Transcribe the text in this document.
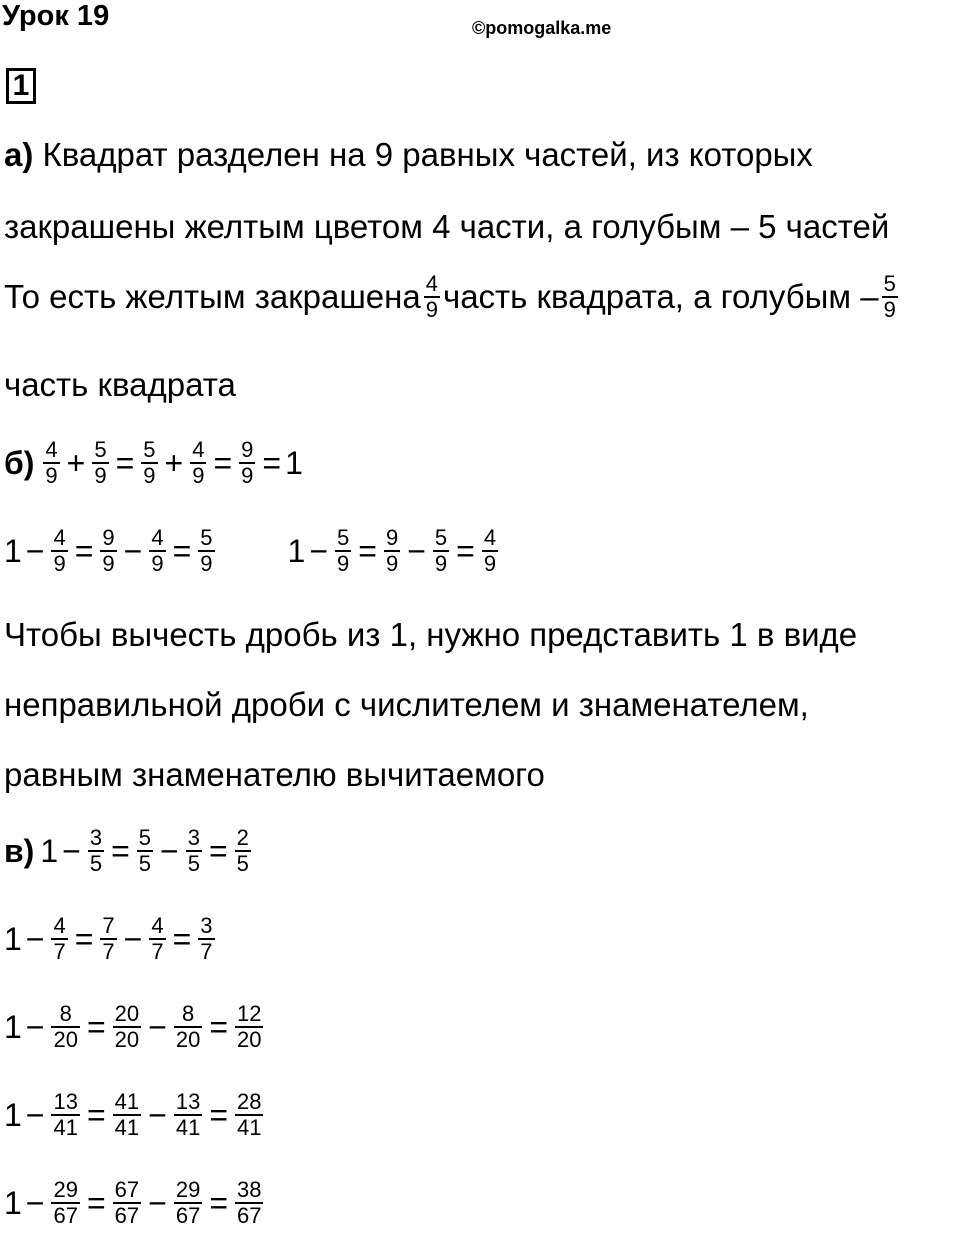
Урок 19	©pomogalka.me
1
а) Квадрат разделен на 9 равных частей, из которых
закрашены желтым цветом 4 части, а голубым – 5 частей
То есть желтым закрашена $\frac{4}{9}$ часть квадрата, а голубым – $\frac{5}{9}$
часть квадрата
$б) \frac{4}{9} + \frac{5}{9} = \frac{5}{9} + \frac{4}{9} = \frac{9}{9} = 1$
$1 - \frac{4}{9} = \frac{9}{9} - \frac{4}{9} = \frac{5}{9} 1 - \frac{5}{9} = \frac{9}{9} - \frac{5}{9} = \frac{4}{9}$
Чтобы вычесть дробь из 1, нужно представить 1 в виде
неправильной дроби с числителем и знаменателем,
равным знаменателю вычитаемого
в) $1 - \frac{3}{5} = \frac{5}{5} - \frac{3}{5} = \frac{2}{5}$
$1 - \frac{4}{7} = \frac{7}{7} - \frac{4}{7} = \frac{3}{7}$
$1 - \frac{8}{20} = \frac{20}{20} - \frac{8}{20} = \frac{12}{20}$
$1 - \frac{13}{41} = \frac{41}{41} - \frac{13}{41} = \frac{28}{41}$
$1 - \frac{29}{67} = \frac{67}{67} - \frac{29}{67} = \frac{38}{67}$
